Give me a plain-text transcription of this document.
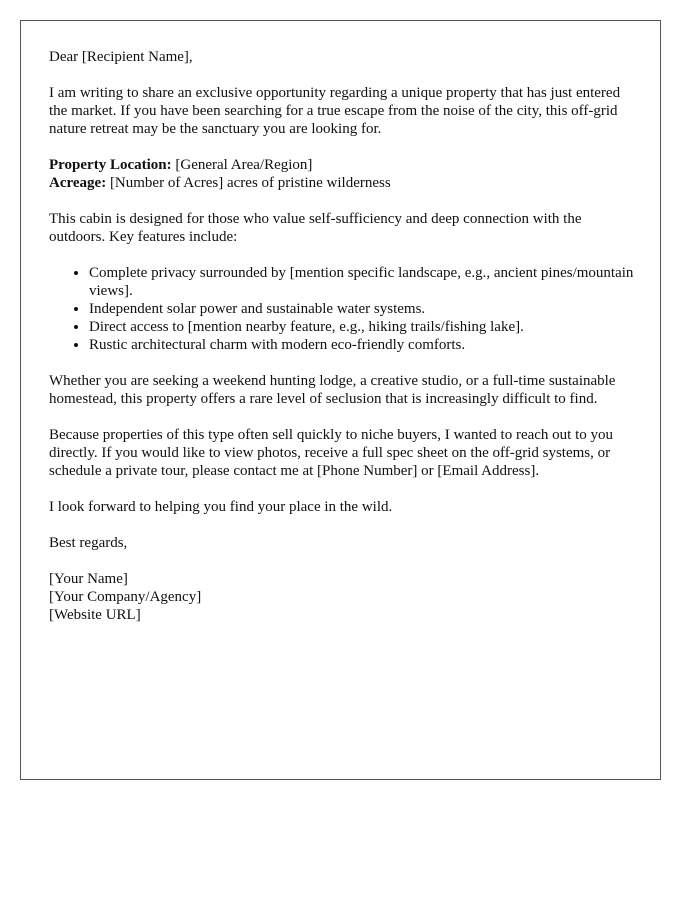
Dear [Recipient Name],

I am writing to share an exclusive opportunity regarding a unique property that has just entered the market. If you have been searching for a true escape from the noise of the city, this off-grid nature retreat may be the sanctuary you are looking for.

Property Location: [General Area/Region]
Acreage: [Number of Acres] acres of pristine wilderness

This cabin is designed for those who value self-sufficiency and deep connection with the outdoors. Key features include:

• Complete privacy surrounded by [mention specific landscape, e.g., ancient pines/mountain views].
• Independent solar power and sustainable water systems.
• Direct access to [mention nearby feature, e.g., hiking trails/fishing lake].
• Rustic architectural charm with modern eco-friendly comforts.

Whether you are seeking a weekend hunting lodge, a creative studio, or a full-time sustainable homestead, this property offers a rare level of seclusion that is increasingly difficult to find.

Because properties of this type often sell quickly to niche buyers, I wanted to reach out to you directly. If you would like to view photos, receive a full spec sheet on the off-grid systems, or schedule a private tour, please contact me at [Phone Number] or [Email Address].

I look forward to helping you find your place in the wild.

Best regards,

[Your Name]
[Your Company/Agency]
[Website URL]
